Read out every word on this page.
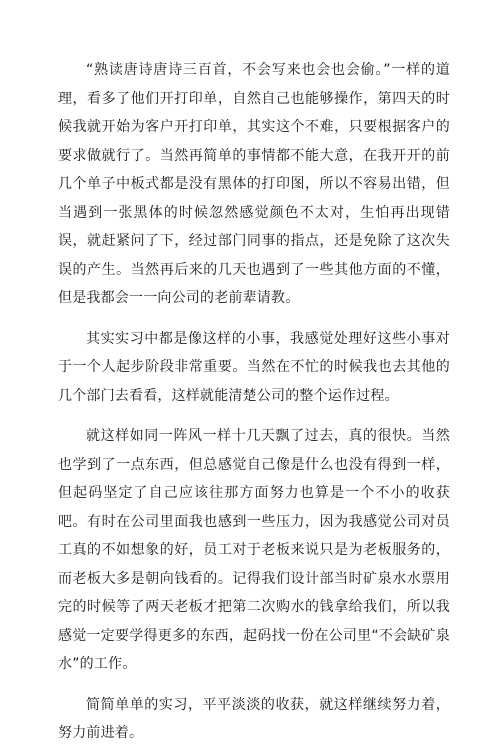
“熟读唐诗唐诗三百首，不会写来也会也会偷。”一样的道理，看多了他们开打印单，自然自己也能够操作，第四天的时候我就开始为客户开打印单，其实这个不难，只要根据客户的要求做就行了。当然再简单的事情都不能大意，在我开开的前几个单子中板式都是没有黑体的打印图，所以不容易出错，但当遇到一张黑体的时候忽然感觉颜色不太对，生怕再出现错误，就赶紧问了下，经过部门同事的指点，还是免除了这次失误的产生。当然再后来的几天也遇到了一些其他方面的不懂，但是我都会一一向公司的老前辈请教。

其实实习中都是像这样的小事，我感觉处理好这些小事对于一个人起步阶段非常重要。当然在不忙的时候我也去其他的几个部门去看看，这样就能清楚公司的整个运作过程。

就这样如同一阵风一样十几天飘了过去，真的很快。当然也学到了一点东西，但总感觉自己像是什么也没有得到一样，但起码坚定了自己应该往那方面努力也算是一个不小的收获吧。有时在公司里面我也感到一些压力，因为我感觉公司对员工真的不如想象的好，员工对于老板来说只是为老板服务的，而老板大多是朝向钱看的。记得我们设计部当时矿泉水水票用完的时候等了两天老板才把第二次购水的钱拿给我们，所以我感觉一定要学得更多的东西，起码找一份在公司里“不会缺矿泉水”的工作。

简简单单的实习，平平淡淡的收获，就这样继续努力着，努力前进着。
